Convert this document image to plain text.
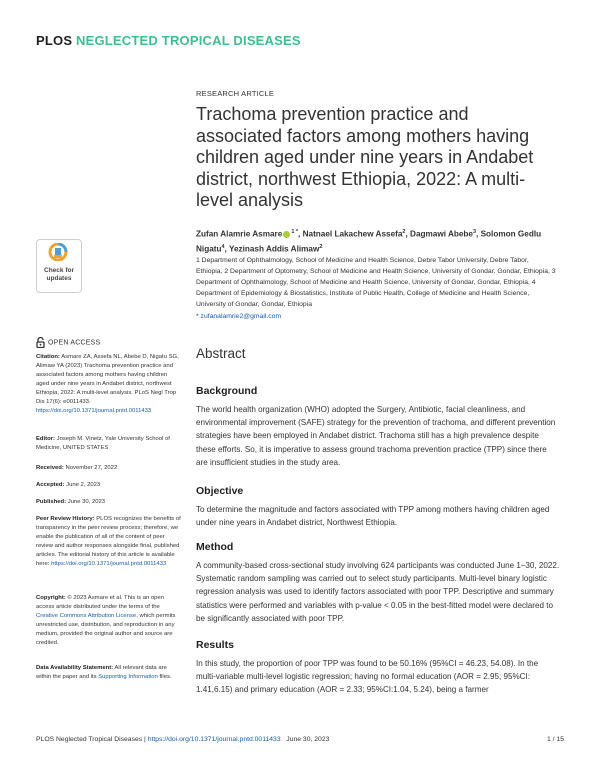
PLOS NEGLECTED TROPICAL DISEASES
RESEARCH ARTICLE
Trachoma prevention practice and associated factors among mothers having children aged under nine years in Andabet district, northwest Ethiopia, 2022: A multi-level analysis
Zufan Alamrie Asmare $^{1 *}$, Natnael Lakachew Assefa$^2$, Dagmawi Abebe$^3$, Solomon Gedlu Nigatu$^4$, Yezinash Addis Alimaw$^2$
1 Department of Ophthalmology, School of Medicine and Health Science, Debre Tabor University, Debre Tabor, Ethiopia, 2 Department of Optometry, School of Medicine and Health Science, University of Gondar, Gondar, Ethiopia, 3 Department of Ophthalmology, School of Medicine and Health Science, University of Gondar, Gondar, Ethiopia, 4 Department of Epidemiology & Biostatistics, Institute of Public Health, College of Medicine and Health Science, University of Gondar, Gondar, Ethiopia
* zufanalamrie2@gmail.com
Abstract
Background
The world health organization (WHO) adopted the Surgery, Antibiotic, facial cleanliness, and environmental improvement (SAFE) strategy for the prevention of trachoma, and different prevention strategies have been employed in Andabet district. Trachoma still has a high prevalence despite these efforts. So, it is imperative to assess ground trachoma prevention practice (TPP) since there are insufficient studies in the study area.
Objective
To determine the magnitude and factors associated with TPP among mothers having children aged under nine years in Andabet district, Northwest Ethiopia.
Method
A community-based cross-sectional study involving 624 participants was conducted June 1–30, 2022. Systematic random sampling was carried out to select study participants. Multi-level binary logistic regression analysis was used to identify factors associated with poor TPP. Descriptive and summary statistics were performed and variables with p-value < 0.05 in the best-fitted model were declared to be significantly associated with poor TPP.
Results
In this study, the proportion of poor TPP was found to be 50.16% (95%CI = 46.23, 54.08). In the multi-variable multi-level logistic regression; having no formal education (AOR = 2.95; 95%CI: 1.41,6.15) and primary education (AOR = 2.33; 95%CI:1.04, 5.24), being a farmer
Check for
updates
OPEN ACCESS
Citation: Asmare ZA, Assefa NL, Abebe D, Nigatu SG, Alimaw YA (2023) Trachoma prevention practice and associated factors among mothers having children aged under nine years in Andabet district, northwest Ethiopia, 2022: A multi-level analysis. PLoS Negl Trop Dis 17(6): e0011433. https://doi.org/10.1371/journal.pntd.0011433
Editor: Joseph M. Vinetz, Yale University School of Medicine, UNITED STATES
Received: November 27, 2022
Accepted: June 2, 2023
Published: June 30, 2023
Peer Review History: PLOS recognizes the benefits of transparency in the peer review process; therefore, we enable the publication of all of the content of peer review and author responses alongside final, published articles. The editorial history of this article is available here: https://doi.org/10.1371/journal.pntd.0011433
Copyright: © 2023 Asmare et al. This is an open access article distributed under the terms of the Creative Commons Attribution License, which permits unrestricted use, distribution, and reproduction in any medium, provided the original author and source are credited.
Data Availability Statement: All relevant data are within the paper and its Supporting Information files.
PLOS Neglected Tropical Diseases | https://doi.org/10.1371/journal.pntd.0011433 June 30, 2023	1 / 15
